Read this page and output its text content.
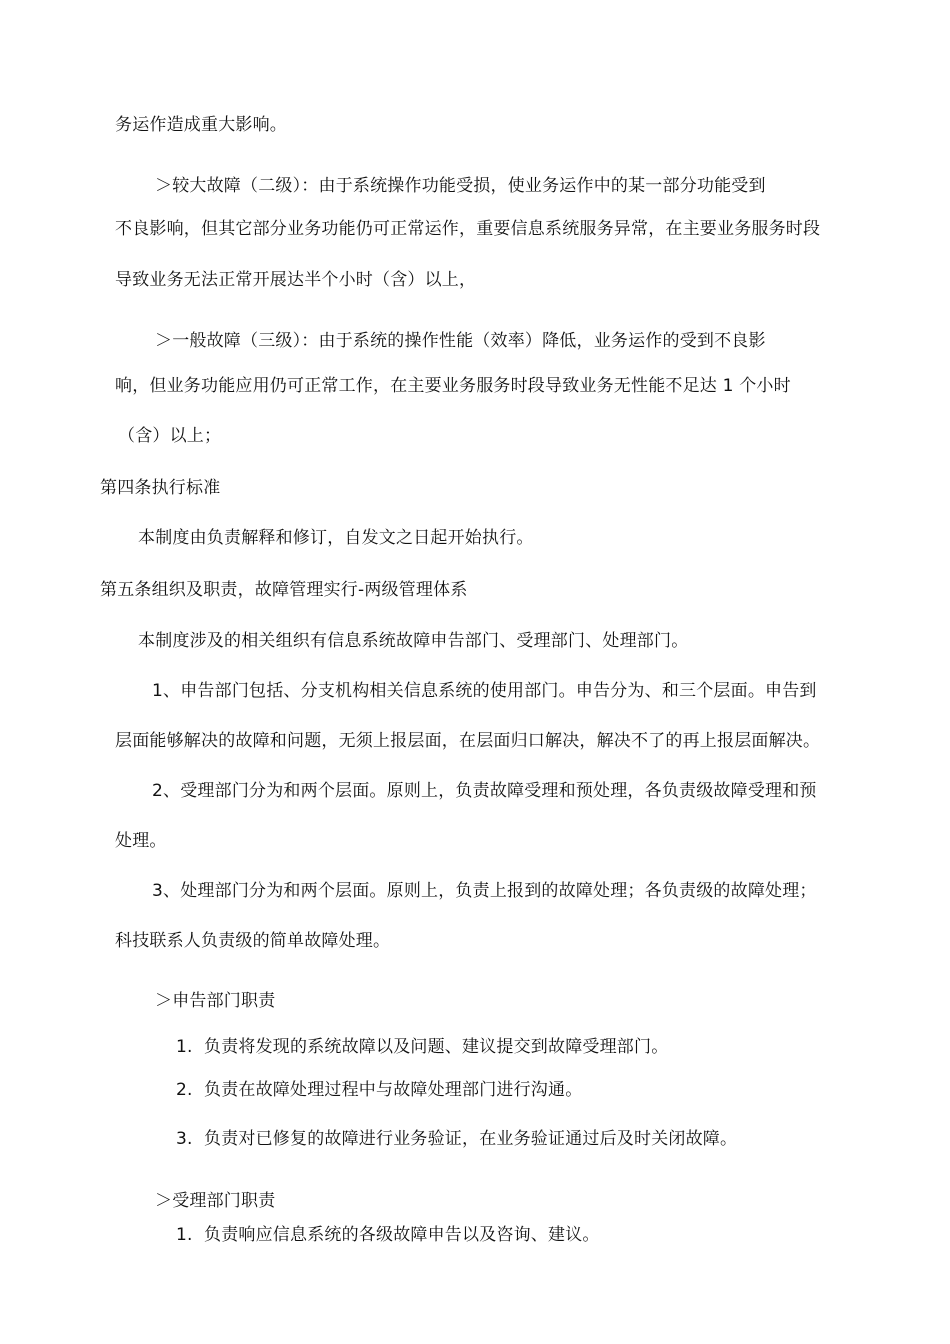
务运作造成重大影响。
＞较大故障（二级）：由于系统操作功能受损，使业务运作中的某一部分功能受到
不良影响，但其它部分业务功能仍可正常运作，重要信息系统服务异常，在主要业务服务时段
导致业务无法正常开展达半个小时（含）以上，
＞一般故障（三级）：由于系统的操作性能（效率）降低，业务运作的受到不良影
响，但业务功能应用仍可正常工作，在主要业务服务时段导致业务无性能不足达 1 个小时
（含）以上；
第四条执行标准
本制度由负责解释和修订，自发文之日起开始执行。
第五条组织及职责，故障管理实行-两级管理体系
本制度涉及的相关组织有信息系统故障申告部门、受理部门、处理部门。
1、申告部门包括、分支机构相关信息系统的使用部门。申告分为、和三个层面。申告到
层面能够解决的故障和问题，无须上报层面，在层面归口解决，解决不了的再上报层面解决。
2、受理部门分为和两个层面。原则上，负责故障受理和预处理，各负责级故障受理和预
处理。
3、处理部门分为和两个层面。原则上，负责上报到的故障处理；各负责级的故障处理；
科技联系人负责级的简单故障处理。
＞申告部门职责
1. 负责将发现的系统故障以及问题、建议提交到故障受理部门。
2. 负责在故障处理过程中与故障处理部门进行沟通。
3. 负责对已修复的故障进行业务验证，在业务验证通过后及时关闭故障。
＞受理部门职责
1. 负责响应信息系统的各级故障申告以及咨询、建议。
